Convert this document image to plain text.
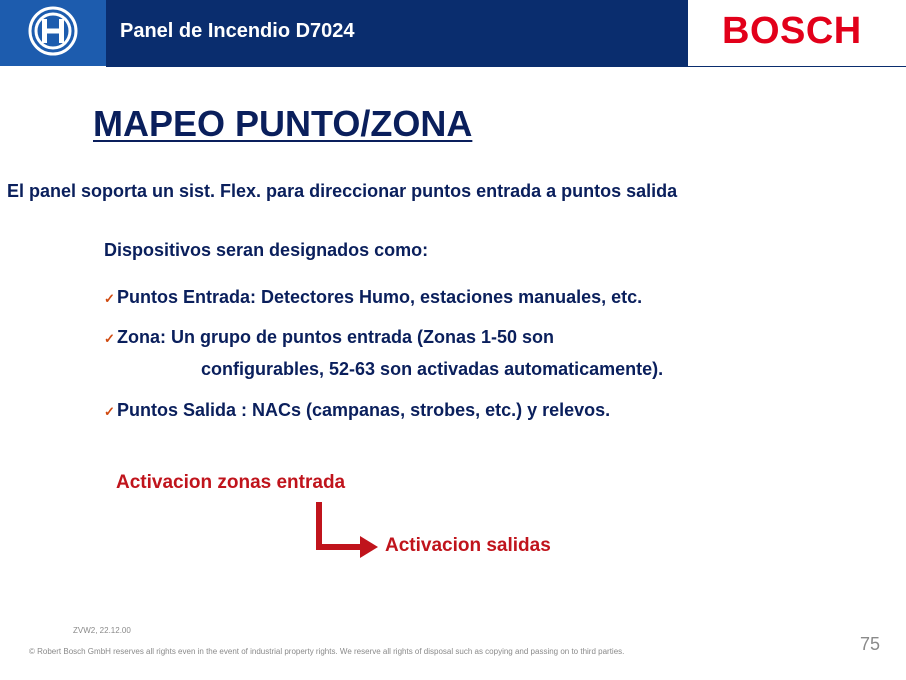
Panel de Incendio D7024	BOSCH
MAPEO PUNTO/ZONA
El panel soporta un sist. Flex. para direccionar puntos entrada a puntos salida
Dispositivos seran designados como:
✓ Puntos Entrada: Detectores Humo, estaciones manuales, etc.
✓ Zona: Un grupo de puntos entrada (Zonas 1-50 son
configurables, 52-63 son activadas automaticamente).
✓ Puntos Salida : NACs (campanas, strobes, etc.) y relevos.
Activacion zonas entrada
Activacion salidas
ZVW2, 22.12.00
© Robert Bosch GmbH reserves all rights even in the event of industrial property rights. We reserve all rights of disposal such as copying and passing on to third parties.	75
